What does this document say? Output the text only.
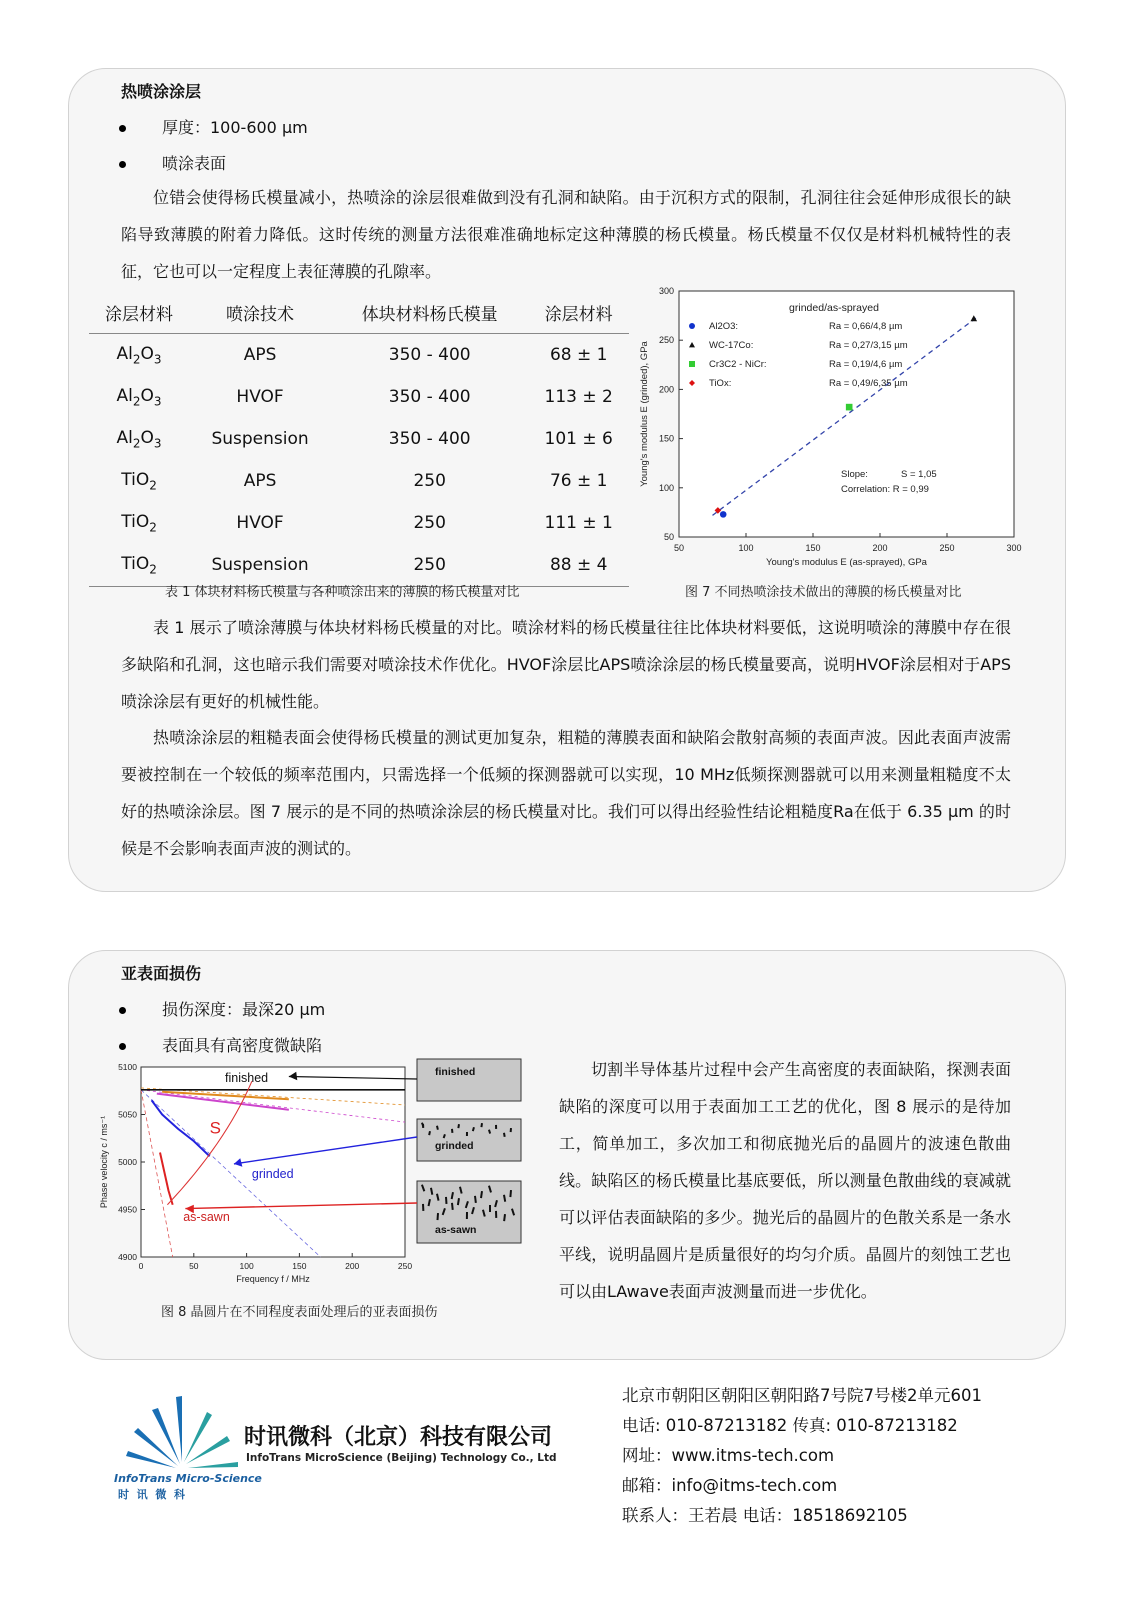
热喷涂涂层
厚度：100-600 µm
喷涂表面

位错会使得杨氏模量减小，热喷涂的涂层很难做到没有孔洞和缺陷。由于沉积方式的限制，孔洞往往会延伸形成很长的缺陷导致薄膜的附着力降低。这时传统的测量方法很难准确地标定这种薄膜的杨氏模量。杨氏模量不仅仅是材料机械特性的表征，它也可以一定程度上表征薄膜的孔隙率。

涂层材料	喷涂技术	体块材料杨氏模量	涂层材料
$Al_2O_3$	APS	350 - 400	68 ± 1
$Al_2O_3$	HVOF	350 - 400	113 ± 2
$Al_2O_3$	Suspension	350 - 400	101 ± 6
TiO$_2$	APS	250	76 ± 1
TiO$_2$	HVOF	250	111 ± 1
TiO$_2$	Suspension	250	88 ± 4
表 1 体块材料杨氏模量与各种喷涂出来的薄膜的杨氏模量对比
50	100	150	200	250	300
50
100
150
200
250
300
Young's modulus E (as-sprayed), GPa
Young's modulus E (grinded), GPa
grinded/as-sprayed
Al2O3:	Ra = 0,66/4,8 µm
WC-17Co:	Ra = 0,27/3,15 µm
Cr3C2 - NiCr:	Ra = 0,19/4,6 µm
TiOx:	Ra = 0,49/6,35 µm
Slope:	S = 1,05
Correlation: R = 0,99
图 7 不同热喷涂技术做出的薄膜的杨氏模量对比

表 1 展示了喷涂薄膜与体块材料杨氏模量的对比。喷涂材料的杨氏模量往往比体块材料要低，这说明喷涂的薄膜中存在很多缺陷和孔洞，这也暗示我们需要对喷涂技术作优化。HVOF涂层比APS喷涂涂层的杨氏模量要高，说明HVOF涂层相对于APS喷涂涂层有更好的机械性能。

热喷涂涂层的粗糙表面会使得杨氏模量的测试更加复杂，粗糙的薄膜表面和缺陷会散射高频的表面声波。因此表面声波需要被控制在一个较低的频率范围内，只需选择一个低频的探测器就可以实现，10 MHz低频探测器就可以用来测量粗糙度不太好的热喷涂涂层。图 7 展示的是不同的热喷涂涂层的杨氏模量对比。我们可以得出经验性结论粗糙度Ra在低于 6.35 µm 的时候是不会影响表面声波的测试的。

亚表面损伤
损伤深度：最深20 µm
表面具有高密度微缺陷
0	50	100	150	200	250
4900
4950
5000
5050
5100
Frequency f / MHz
Phase velocity c / ms⁻¹	S
finished
grinded
as-sawn
finished
grinded
as-sawn
图 8 晶圆片在不同程度表面处理后的亚表面损伤

切割半导体基片过程中会产生高密度的表面缺陷，探测表面缺陷的深度可以用于表面加工工艺的优化，图 8 展示的是待加工，简单加工，多次加工和彻底抛光后的晶圆片的波速色散曲线。缺陷区的杨氏模量比基底要低，所以测量色散曲线的衰减就可以评估表面缺陷的多少。抛光后的晶圆片的色散关系是一条水平线，说明晶圆片是质量很好的均匀介质。晶圆片的刻蚀工艺也可以由LAwave表面声波测量而进一步优化。

InfoTrans Micro-Science
时  讯  微  科
时讯微科（北京）科技有限公司
InfoTrans MicroScience (Beijing) Technology Co., Ltd
北京市朝阳区朝阳区朝阳路7号院7号楼2单元601
电话: 010-87213182 传真: 010-87213182
网址：www.itms-tech.com
邮箱：info@itms-tech.com
联系人：王若晨 电话：18518692105
